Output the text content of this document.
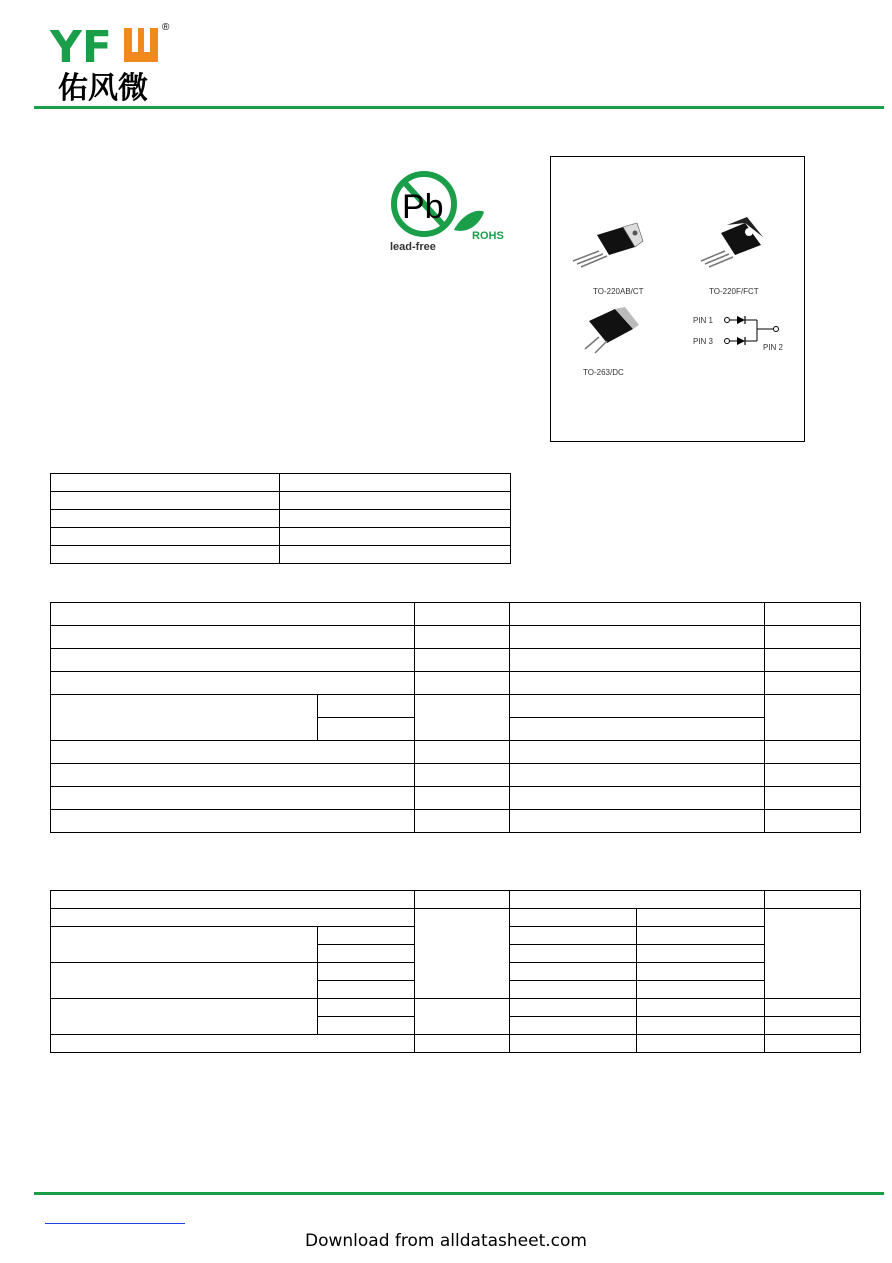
YF	®
佑风微
Pb
lead-free
ROHS
TO-220AB/CT	TO-220F/FCT
TO-263/DC
PIN 1
PIN 3
PIN 2

Download from alldatasheet.com
